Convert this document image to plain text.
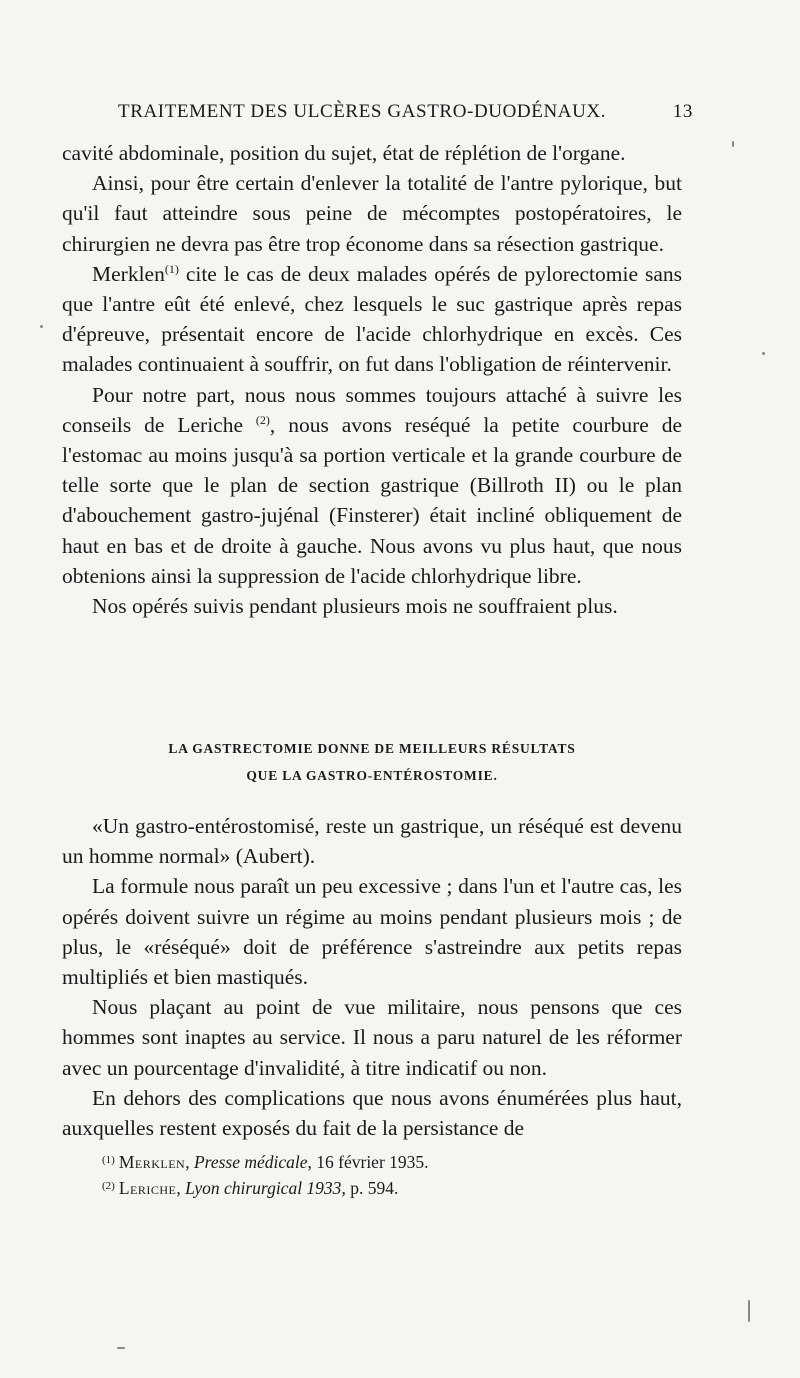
TRAITEMENT DES ULCÈRES GASTRO-DUODÉNAUX.	13

cavité abdominale, position du sujet, état de réplétion de l'organe.

Ainsi, pour être certain d'enlever la totalité de l'antre pylorique, but qu'il faut atteindre sous peine de mécomptes postopératoires, le chirurgien ne devra pas être trop économe dans sa résection gastrique.

Merklen$^{(1)}$ cite le cas de deux malades opérés de pylorectomie sans que l'antre eût été enlevé, chez lesquels le suc gastrique après repas d'épreuve, présentait encore de l'acide chlorhydrique en excès. Ces malades continuaient à souffrir, on fut dans l'obligation de réintervenir.

Pour notre part, nous nous sommes toujours attaché à suivre les conseils de Leriche $^{(2)}$, nous avons reséqué la petite courbure de l'estomac au moins jusqu'à sa portion verticale et la grande courbure de telle sorte que le plan de section gastrique (Billroth II) ou le plan d'abouchement gastro-jujénal (Finsterer) était incliné obliquement de haut en bas et de droite à gauche. Nous avons vu plus haut, que nous obtenions ainsi la suppression de l'acide chlorhydrique libre.

Nos opérés suivis pendant plusieurs mois ne souffraient plus.

LA GASTRECTOMIE DONNE DE MEILLEURS RÉSULTATS
QUE LA GASTRO-ENTÉROSTOMIE.

«Un gastro-entérostomisé, reste un gastrique, un réséqué est devenu un homme normal» (Aubert).

La formule nous paraît un peu excessive ; dans l'un et l'autre cas, les opérés doivent suivre un régime au moins pendant plusieurs mois ; de plus, le «réséqué» doit de préférence s'astreindre aux petits repas multipliés et bien mastiqués.

Nous plaçant au point de vue militaire, nous pensons que ces hommes sont inaptes au service. Il nous a paru naturel de les réformer avec un pourcentage d'invalidité, à titre indicatif ou non.

En dehors des complications que nous avons énumérées plus haut, auxquelles restent exposés du fait de la persistance de

$^{(1)}$ Merklen, Presse médicale, 16 février 1935.
$^{(2)}$ Leriche, Lyon chirurgical 1933, p. 594.
